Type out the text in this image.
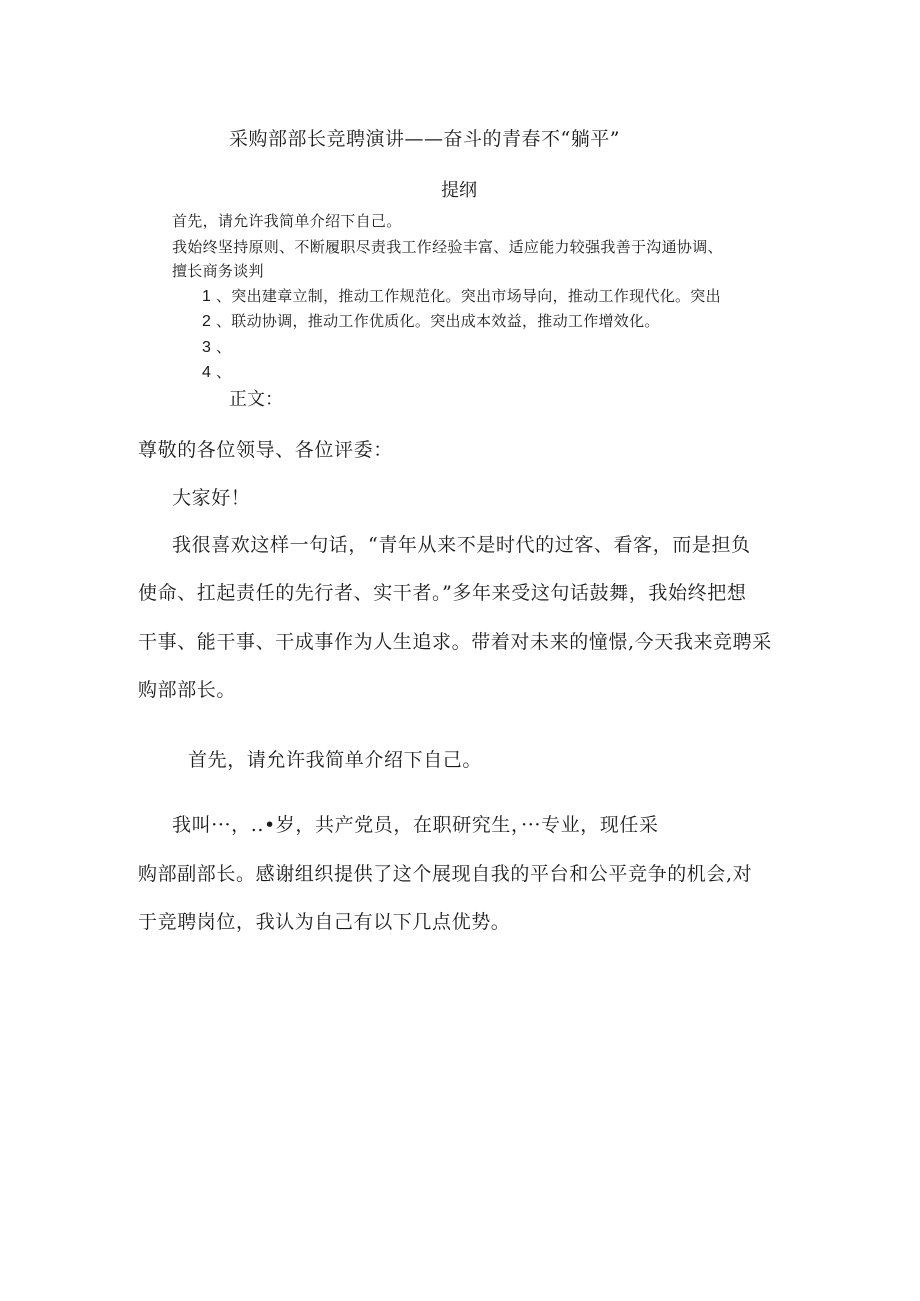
采购部部长竞聘演讲——奋斗的青春不“躺平”
提纲
首先，请允许我简单介绍下自己。
我始终坚持原则、不断履职尽责我工作经验丰富、适应能力较强我善于沟通协调、
擅长商务谈判
1 、突出建章立制，推动工作规范化。突出市场导向，推动工作现代化。突出
2 、联动协调，推动工作优质化。突出成本效益，推动工作增效化。
3 、
4 、
正文：
尊敬的各位领导、各位评委：
大家好！
我很喜欢这样一句话，“青年从来不是时代的过客、看客，而是担负
使命、扛起责任的先行者、实干者。”多年来受这句话鼓舞，我始终把想
干事、能干事、干成事作为人生追求。带着对未来的憧憬,今天我来竞聘采
购部部长。
首先，请允许我简单介绍下自己。
我叫···，..•岁，共产党员，在职研究生，···专业，现任采
购部副部长。感谢组织提供了这个展现自我的平台和公平竞争的机会,对
于竞聘岗位，我认为自己有以下几点优势。
